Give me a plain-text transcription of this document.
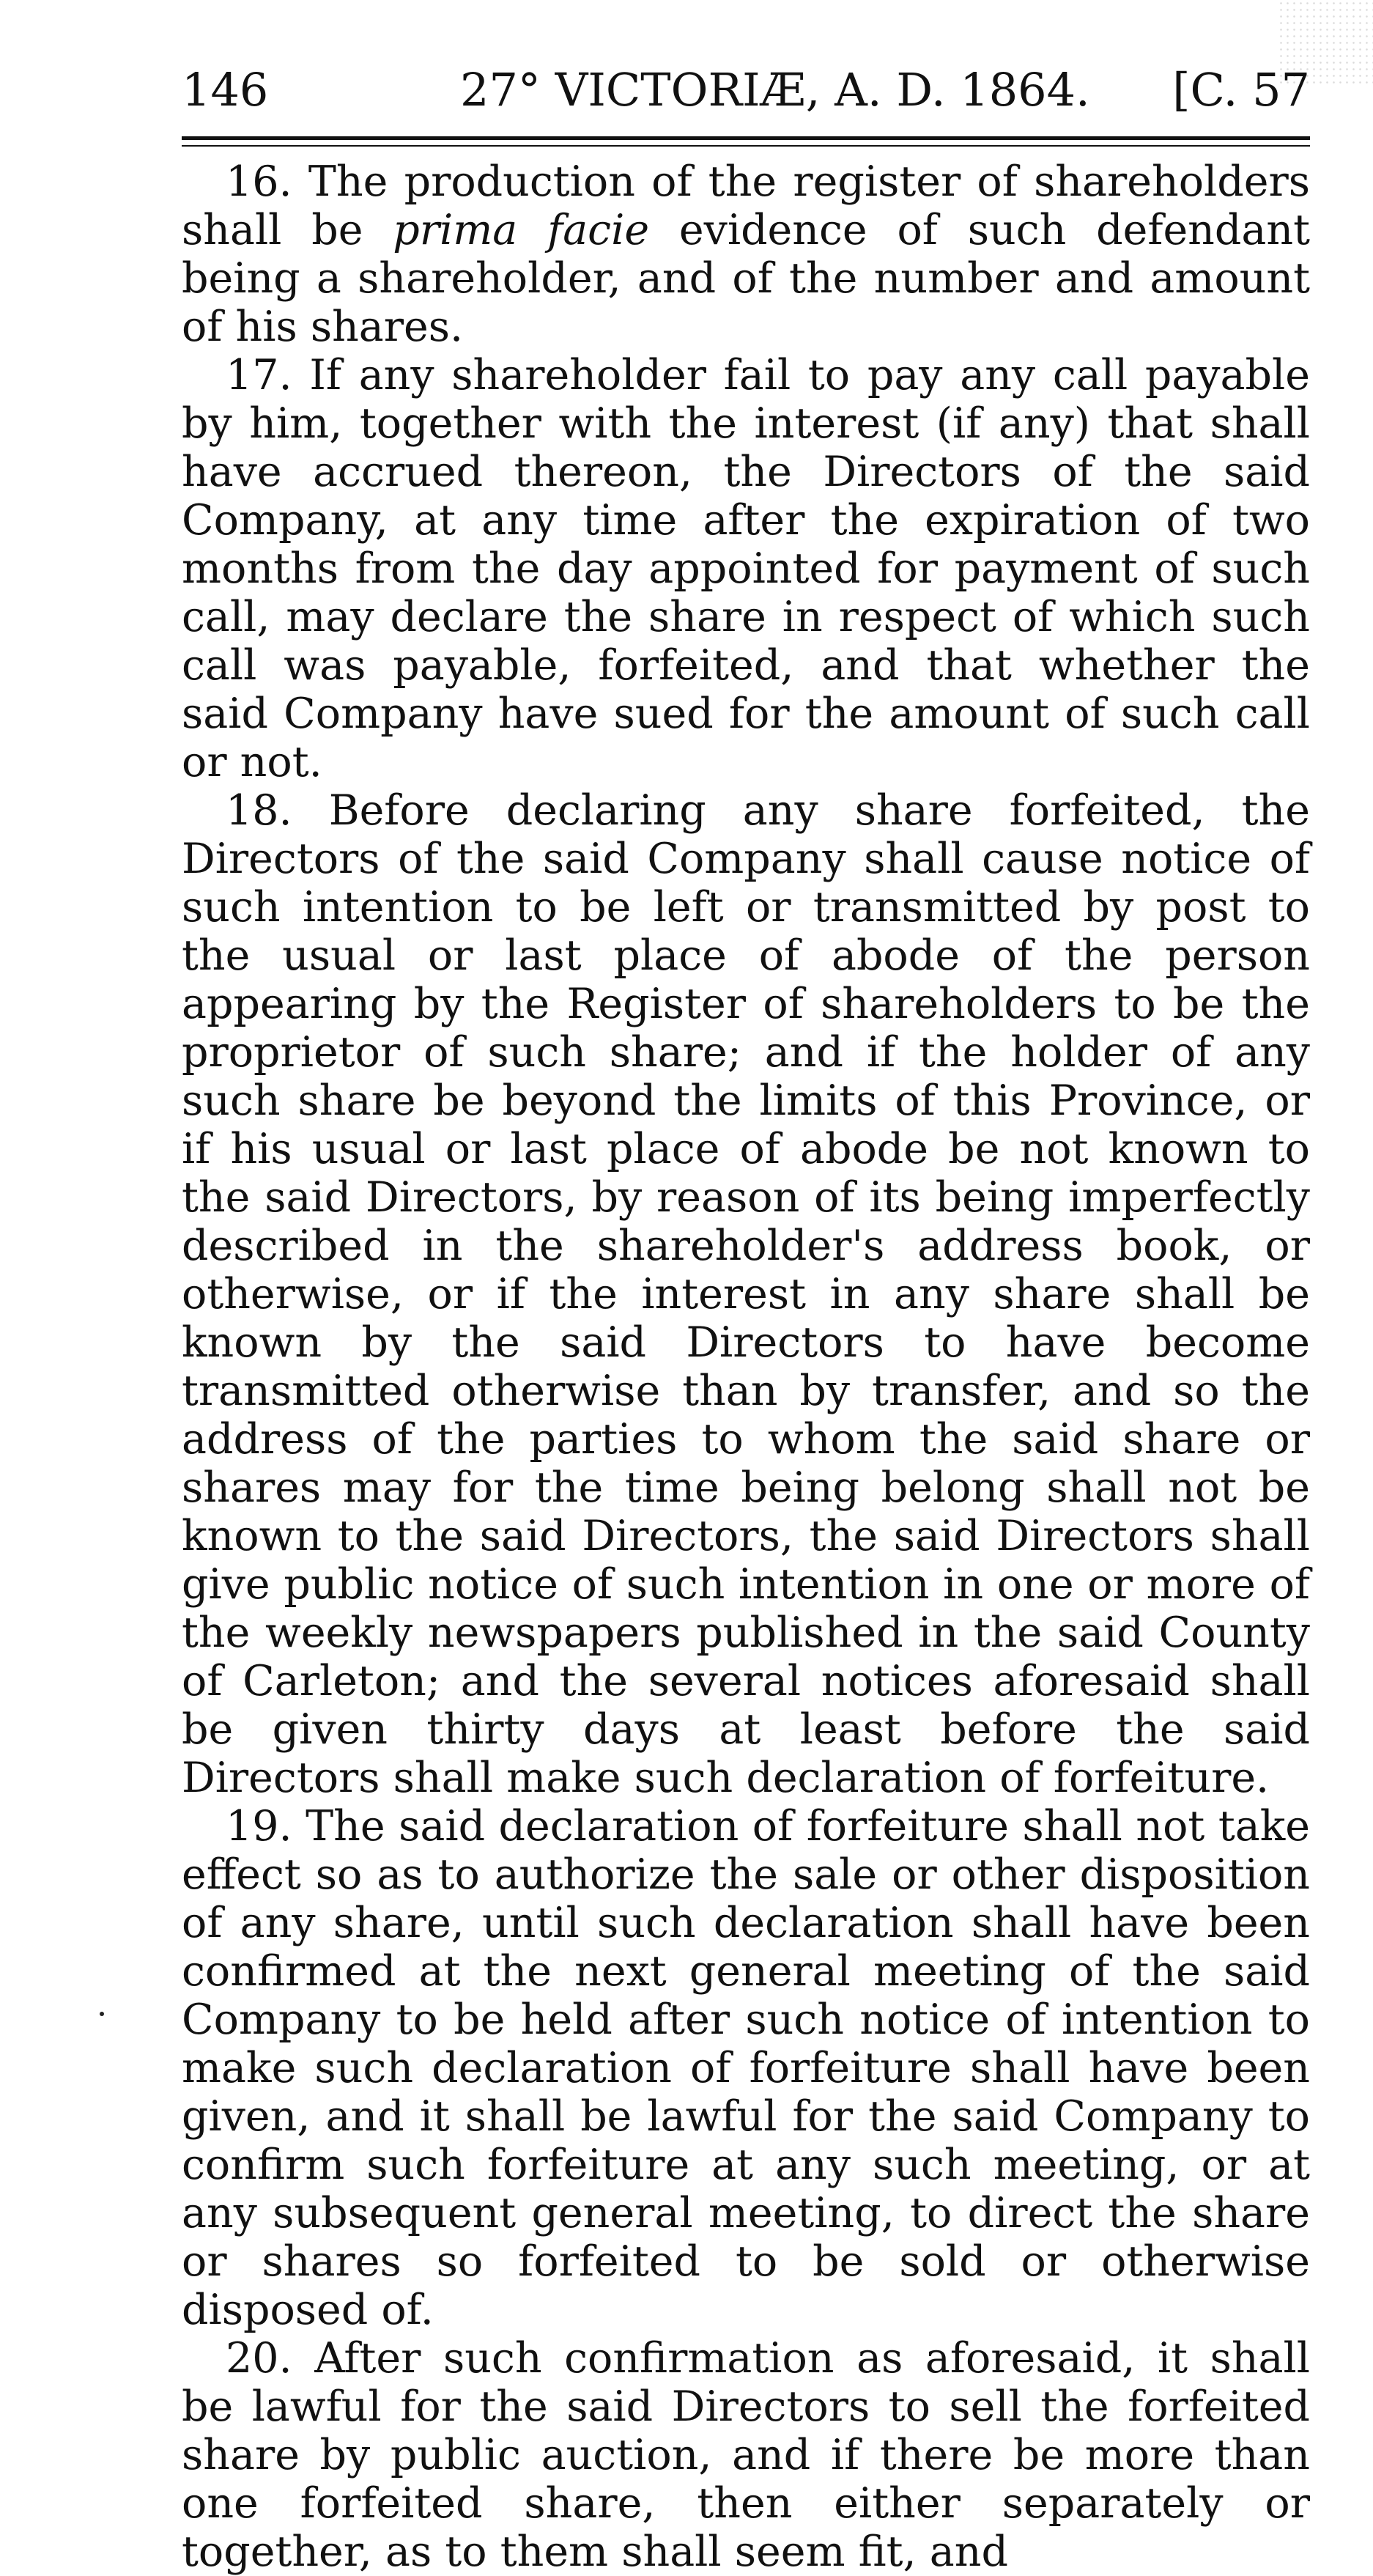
146	27° VICTORIÆ, A. D. 1864. [C. 57

16. The production of the register of shareholders shall be prima facie evidence of such defendant being a shareholder, and of the number and amount of his shares.

17. If any shareholder fail to pay any call payable by him, together with the interest (if any) that shall have accrued thereon, the Directors of the said Company, at any time after the expiration of two months from the day appointed for payment of such call, may declare the share in respect of which such call was payable, forfeited, and that whether the said Company have sued for the amount of such call or not.

18. Before declaring any share forfeited, the Directors of the said Company shall cause notice of such intention to be left or transmitted by post to the usual or last place of abode of the person appearing by the Register of shareholders to be the proprietor of such share; and if the holder of any such share be beyond the limits of this Province, or if his usual or last place of abode be not known to the said Directors, by reason of its being imperfectly described in the shareholder's address book, or otherwise, or if the interest in any share shall be known by the said Directors to have become transmitted otherwise than by transfer, and so the address of the parties to whom the said share or shares may for the time being belong shall not be known to the said Directors, the said Directors shall give public notice of such intention in one or more of the weekly newspapers published in the said County of Carleton; and the several notices aforesaid shall be given thirty days at least before the said Directors shall make such declaration of forfeiture.

19. The said declaration of forfeiture shall not take effect so as to authorize the sale or other disposition of any share, until such declaration shall have been confirmed at the next general meeting of the said Company to be held after such notice of intention to make such declaration of forfeiture shall have been given, and it shall be lawful for the said Company to confirm such forfeiture at any such meeting, or at any subsequent general meeting, to direct the share or shares so forfeited to be sold or otherwise disposed of.

20. After such confirmation as aforesaid, it shall be lawful for the said Directors to sell the forfeited share by public auction, and if there be more than one forfeited share, then either separately or together, as to them shall seem fit, and
